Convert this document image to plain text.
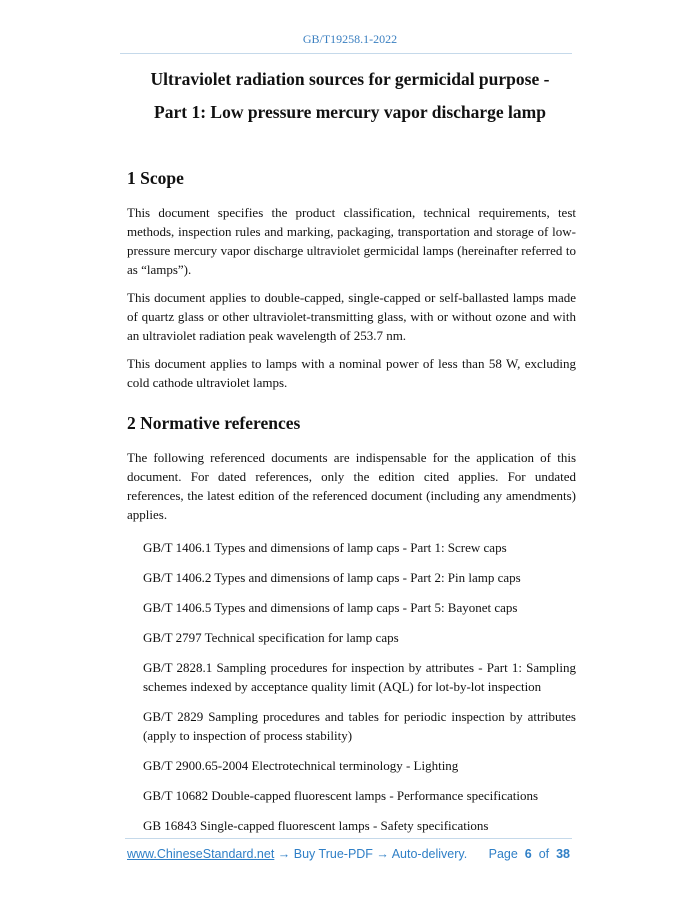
GB/T19258.1-2022
Ultraviolet radiation sources for germicidal purpose -
Part 1: Low pressure mercury vapor discharge lamp
1 Scope
This document specifies the product classification, technical requirements, test methods, inspection rules and marking, packaging, transportation and storage of low-pressure mercury vapor discharge ultraviolet germicidal lamps (hereinafter referred to as “lamps”).
This document applies to double-capped, single-capped or self-ballasted lamps made of quartz glass or other ultraviolet-transmitting glass, with or without ozone and with an ultraviolet radiation peak wavelength of 253.7 nm.
This document applies to lamps with a nominal power of less than 58 W, excluding cold cathode ultraviolet lamps.
2 Normative references
The following referenced documents are indispensable for the application of this document. For dated references, only the edition cited applies. For undated references, the latest edition of the referenced document (including any amendments) applies.
GB/T 1406.1 Types and dimensions of lamp caps - Part 1: Screw caps
GB/T 1406.2 Types and dimensions of lamp caps - Part 2: Pin lamp caps
GB/T 1406.5 Types and dimensions of lamp caps - Part 5: Bayonet caps
GB/T 2797 Technical specification for lamp caps
GB/T 2828.1 Sampling procedures for inspection by attributes - Part 1: Sampling schemes indexed by acceptance quality limit (AQL) for lot-by-lot inspection
GB/T 2829 Sampling procedures and tables for periodic inspection by attributes (apply to inspection of process stability)
GB/T 2900.65-2004 Electrotechnical terminology - Lighting
GB/T 10682 Double-capped fluorescent lamps - Performance specifications
GB 16843 Single-capped fluorescent lamps - Safety specifications
www.ChineseStandard.net → Buy True-PDF → Auto-delivery. Page 6 of 38
